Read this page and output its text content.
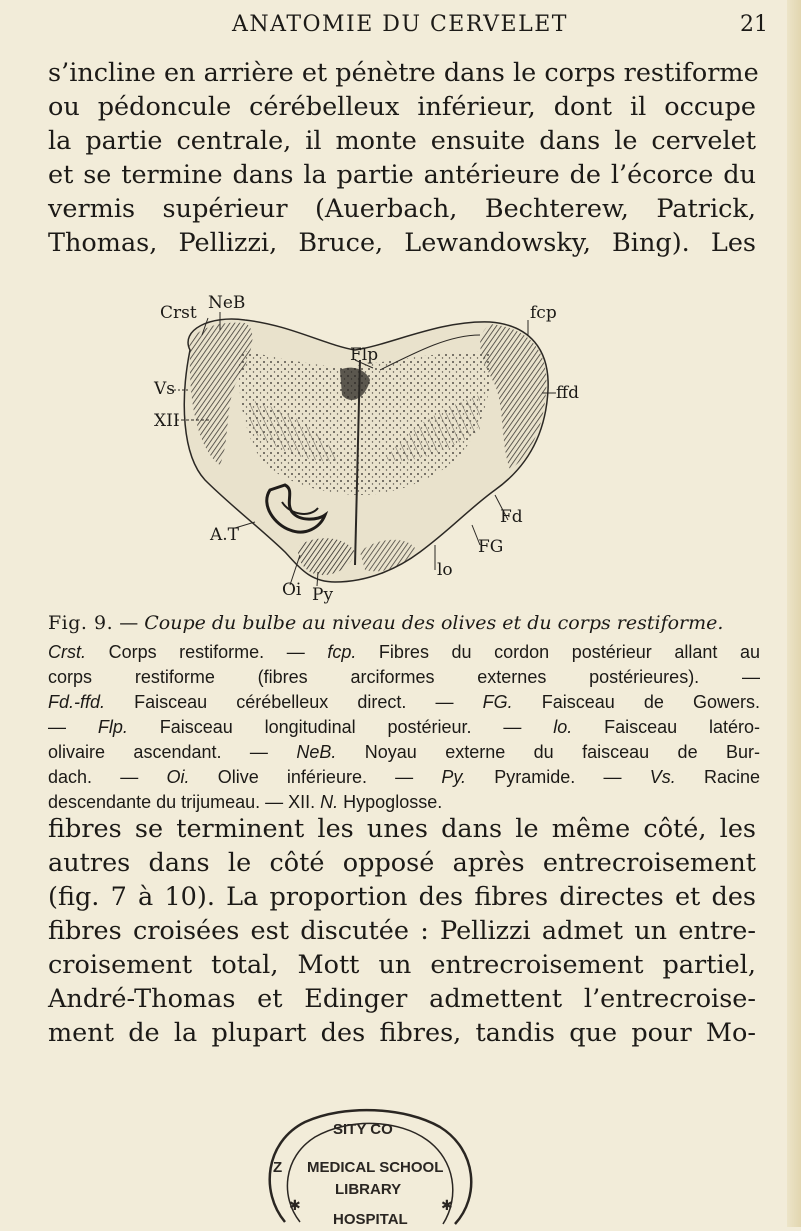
ANATOMIE DU CERVELET	21

s’incline en arrière et pénètre dans le corps restiforme
ou pédoncule cérébelleux inférieur, dont il occupe
la partie centrale, il monte ensuite dans le cervelet
et se termine dans la partie antérieure de l’écorce du
vermis supérieur (Auerbach, Bechterew, Patrick,
Thomas, Pellizzi, Bruce, Lewandowsky, Bing). Les

Crst NeB	fcp
Flp
Vs	ffd
XII
Fd
A.T
FG
lo
Oi Py
Fig. 9. — Coupe du bulbe au niveau des olives et du corps restiforme.
Crst. Corps restiforme. — fcp. Fibres du cordon postérieur allant au
corps restiforme (fibres arciformes externes postérieures). —
Fd.-ffd. Faisceau cérébelleux direct. — FG. Faisceau de Gowers.
— Flp. Faisceau longitudinal postérieur. — lo. Faisceau latéro-
olivaire ascendant. — NeB. Noyau externe du faisceau de Bur-
dach. — Oi. Olive inférieure. — Py. Pyramide. — Vs. Racine
descendante du trijumeau. — XII. N. Hypoglosse.

fibres se terminent les unes dans le même côté, les
autres dans le côté opposé après entrecroisement
(fig. 7 à 10). La proportion des fibres directes et des
fibres croisées est discutée : Pellizzi admet un entre-
croisement total, Mott un entrecroisement partiel,
André-Thomas et Edinger admettent l’entrecroise-
ment de la plupart des fibres, tandis que pour Mo-

SITY CO
Z MEDICAL SCHOOL
LIBRARY
HOSPITAL
✱	✱
